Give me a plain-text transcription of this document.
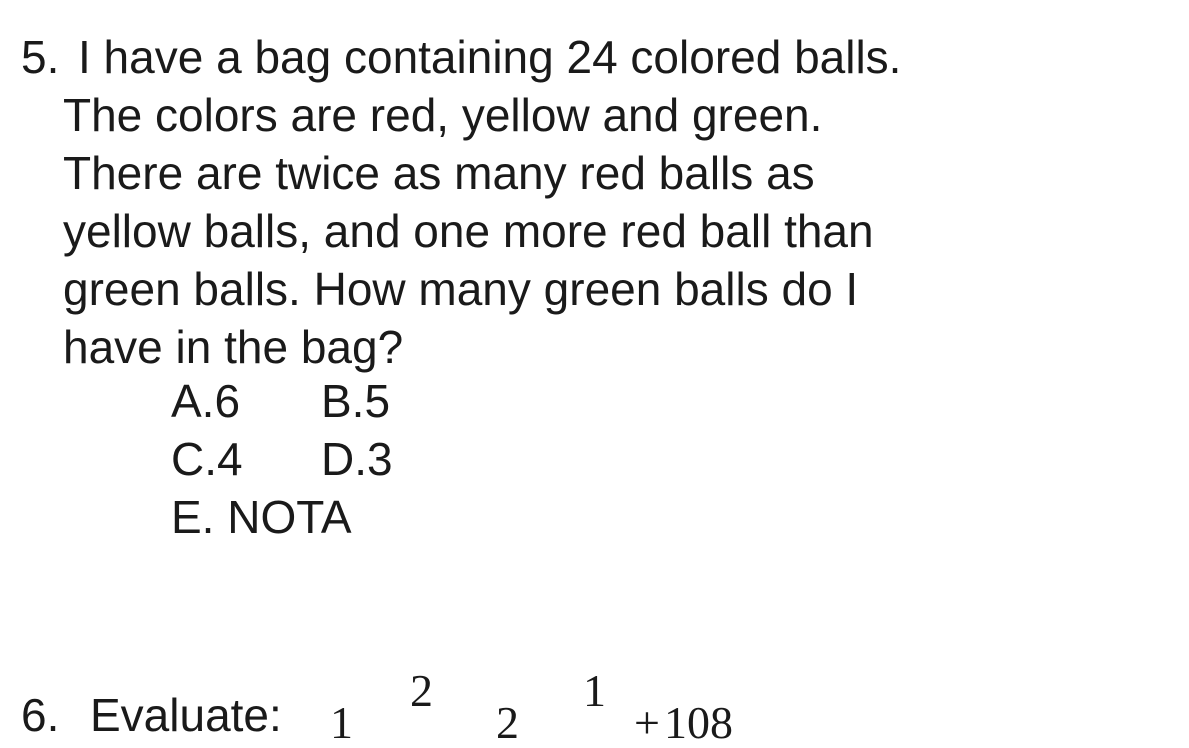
5. I have a bag containing 24 colored balls.
The colors are red, yellow and green.
There are twice as many red balls as
yellow balls, and one more red ball than
green balls. How many green balls do I
have in the bag?
A.6 B.5
C.4 D.3
E. NOTA
6. Evaluate: 1
2
2
1
+ 108
